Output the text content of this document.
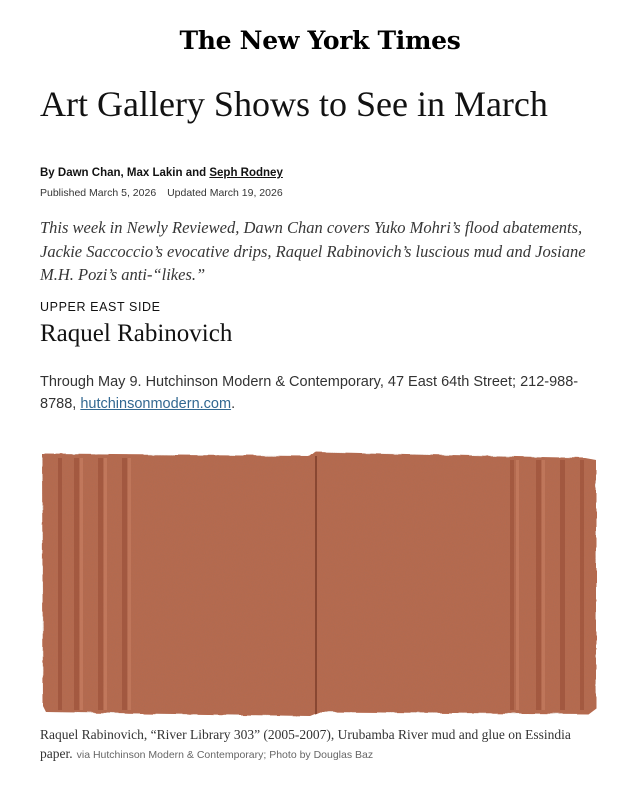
The New York Times
Art Gallery Shows to See in March
By Dawn Chan, Max Lakin and Seph Rodney
Published March 5, 2026 Updated March 19, 2026

This week in Newly Reviewed, Dawn Chan covers Yuko Mohri’s flood abatements, Jackie Saccoccio’s evocative drips, Raquel Rabinovich’s luscious mud and Josiane M.H. Pozi’s anti-“likes.”

UPPER EAST SIDE
Raquel Rabinovich

Through May 9. Hutchinson Modern & Contemporary, 47 East 64th Street; 212-988-8788, hutchinsonmodern.com.

Raquel Rabinovich, “River Library 303” (2005-2007), Urubamba River mud and glue on Essindia paper. via Hutchinson Modern & Contemporary; Photo by Douglas Baz
